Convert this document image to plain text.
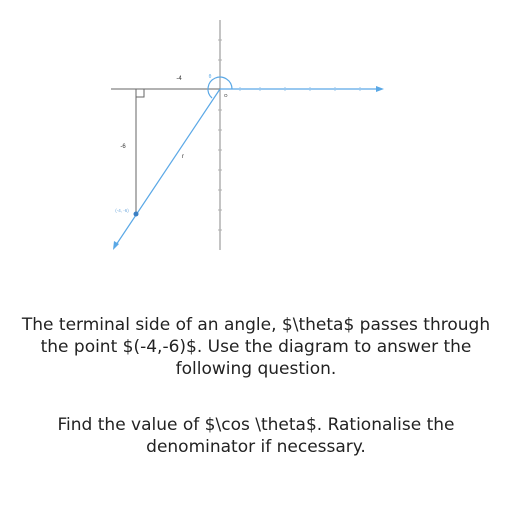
-4
-6
(-4, -6)
r
θ
O
The terminal side of an angle, $\theta$ passes through
the point $(-4,-6)$. Use the diagram to answer the
following question.
Find the value of $\cos \theta$. Rationalise the
denominator if necessary.
